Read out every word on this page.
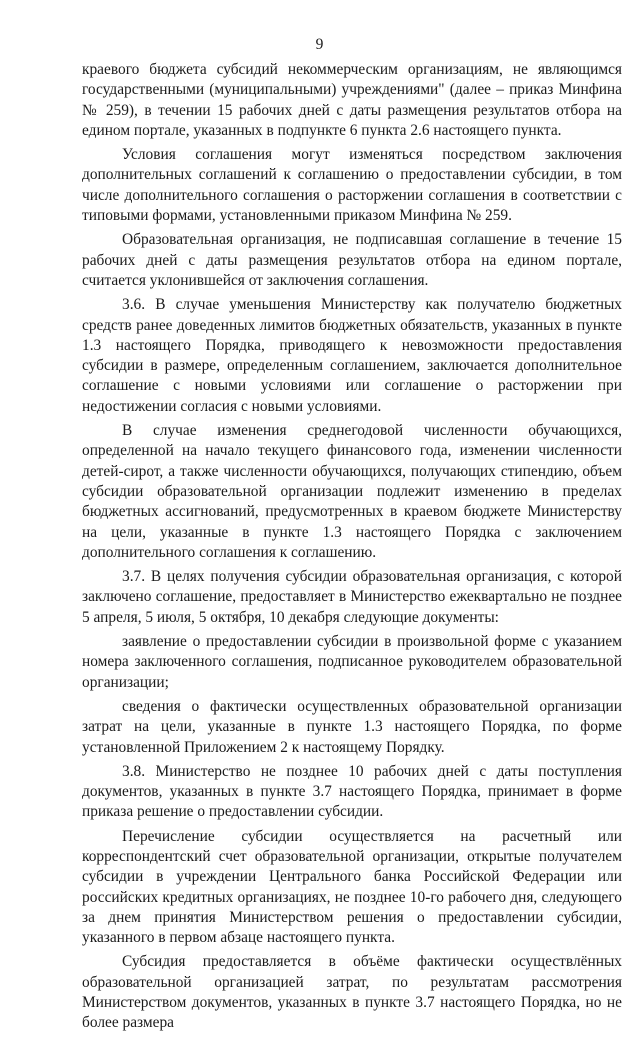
9

краевого бюджета субсидий некоммерческим организациям, не являющимся государственными (муниципальными) учреждениями" (далее – приказ Минфина № 259), в течении 15 рабочих дней с даты размещения результатов отбора на едином портале, указанных в подпункте 6 пункта 2.6 настоящего пункта.

Условия соглашения могут изменяться посредством заключения дополнительных соглашений к соглашению о предоставлении субсидии, в том числе дополнительного соглашения о расторжении соглашения в соответствии с типовыми формами, установленными приказом Минфина № 259.

Образовательная организация, не подписавшая соглашение в течение 15 рабочих дней с даты размещения результатов отбора на едином портале, считается уклонившейся от заключения соглашения.

3.6. В случае уменьшения Министерству как получателю бюджетных средств ранее доведенных лимитов бюджетных обязательств, указанных в пункте 1.3 настоящего Порядка, приводящего к невозможности предоставления субсидии в размере, определенным соглашением, заключается дополнительное соглашение с новыми условиями или соглашение о расторжении при недостижении согласия с новыми условиями.

В случае изменения среднегодовой численности обучающихся, определенной на начало текущего финансового года, изменении численности детей-сирот, а также численности обучающихся, получающих стипендию, объем субсидии образовательной организации подлежит изменению в пределах бюджетных ассигнований, предусмотренных в краевом бюджете Министерству на цели, указанные в пункте 1.3 настоящего Порядка с заключением дополнительного соглашения к соглашению.

3.7. В целях получения субсидии образовательная организация, с которой заключено соглашение, предоставляет в Министерство ежеквартально не позднее 5 апреля, 5 июля, 5 октября, 10 декабря следующие документы:

заявление о предоставлении субсидии в произвольной форме с указанием номера заключенного соглашения, подписанное руководителем образовательной организации;

сведения о фактически осуществленных образовательной организации затрат на цели, указанные в пункте 1.3 настоящего Порядка, по форме установленной Приложением 2 к настоящему Порядку.

3.8. Министерство не позднее 10 рабочих дней с даты поступления документов, указанных в пункте 3.7 настоящего Порядка, принимает в форме приказа решение о предоставлении субсидии.

Перечисление субсидии осуществляется на расчетный или корреспондентский счет образовательной организации, открытые получателем субсидии в учреждении Центрального банка Российской Федерации или российских кредитных организациях, не позднее 10-го рабочего дня, следующего за днем принятия Министерством решения о предоставлении субсидии, указанного в первом абзаце настоящего пункта.

Субсидия предоставляется в объёме фактически осуществлённых образовательной организацией затрат, по результатам рассмотрения Министерством документов, указанных в пункте 3.7 настоящего Порядка, но не более размера
